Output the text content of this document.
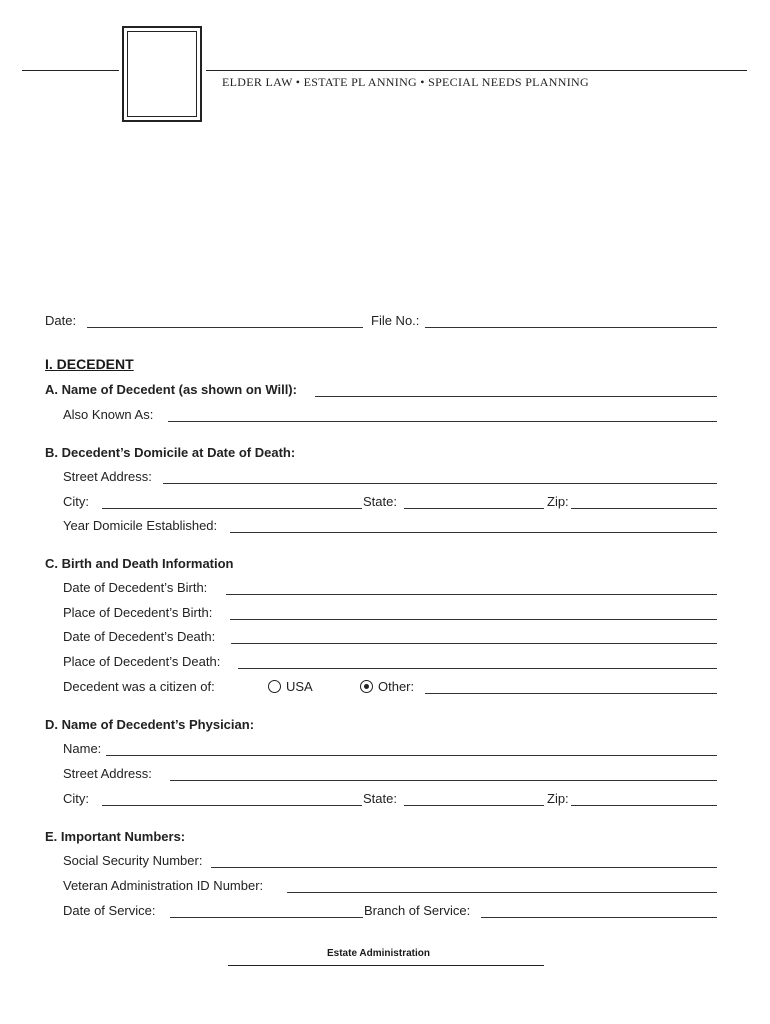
ELDER LAW • ESTATE PL ANNING • SPECIAL NEEDS PLANNING
Date:	File No.:
I. DECEDENT
A. Name of Decedent (as shown on Will):
Also Known As:
B. Decedent’s Domicile at Date of Death:
Street Address:
City:	State:	Zip:
Year Domicile Established:
C. Birth and Death Information
Date of Decedent’s Birth:
Place of Decedent’s Birth:
Date of Decedent’s Death:
Place of Decedent’s Death:
Decedent was a citizen of:	USA	Other:
D. Name of Decedent’s Physician:
Name:
Street Address:
City:	State:	Zip:
E. Important Numbers:
Social Security Number:
Veteran Administration ID Number:
Date of Service:	Branch of Service:
Estate Administration
